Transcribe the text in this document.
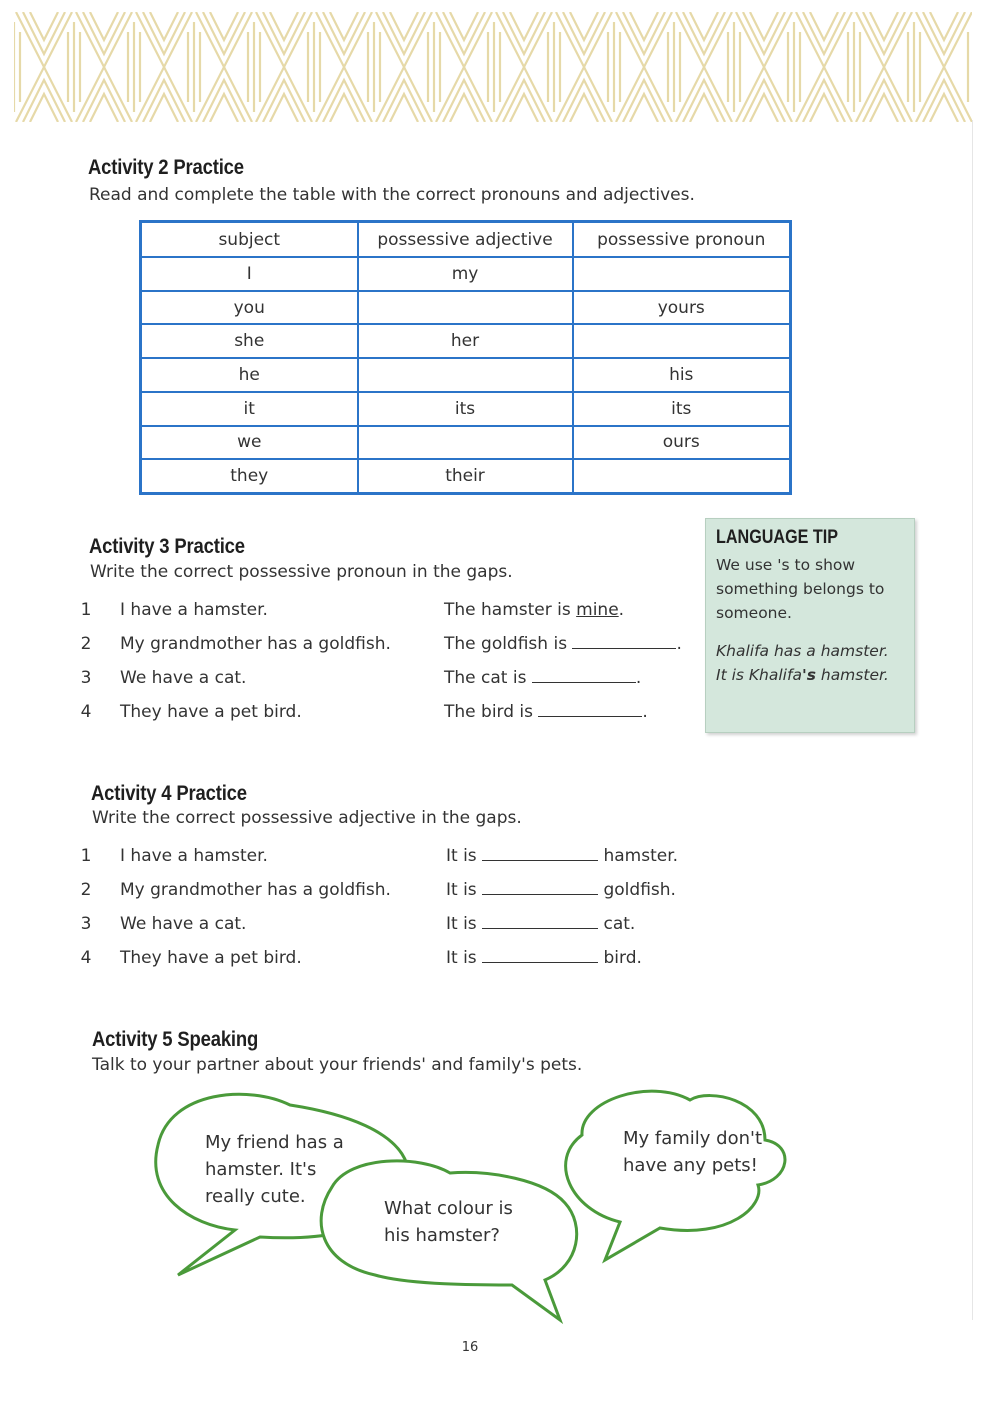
Activity 2 Practice

Read and complete the table with the correct pronouns and adjectives.

subject	possessive adjective	possessive pronoun
I	my	
you		yours
she	her	
he		his
it	its	its
we		ours
they	their	
Activity 3 Practice

Write the correct possessive pronoun in the gaps.

1 I have a hamster.	The hamster is mine.
2 My grandmother has a goldfish.	The goldfish is	.
3 We have a cat.	The cat is	.
4 They have a pet bird.	The bird is	.
LANGUAGE TIP

We use 's to show something belongs to someone.

Khalifa has a hamster.
It is Khalifa's hamster.

Activity 4 Practice

Write the correct possessive adjective in the gaps.

1 I have a hamster.	It is	hamster.
2 My grandmother has a goldfish.	It is	goldfish.
3 We have a cat.	It is	cat.
4 They have a pet bird.	It is	bird.
Activity 5 Speaking

Talk to your partner about your friends' and family's pets.

My friend has a
hamster. It's
really cute.

What colour is
his hamster?

My family don't
have any pets!

16
